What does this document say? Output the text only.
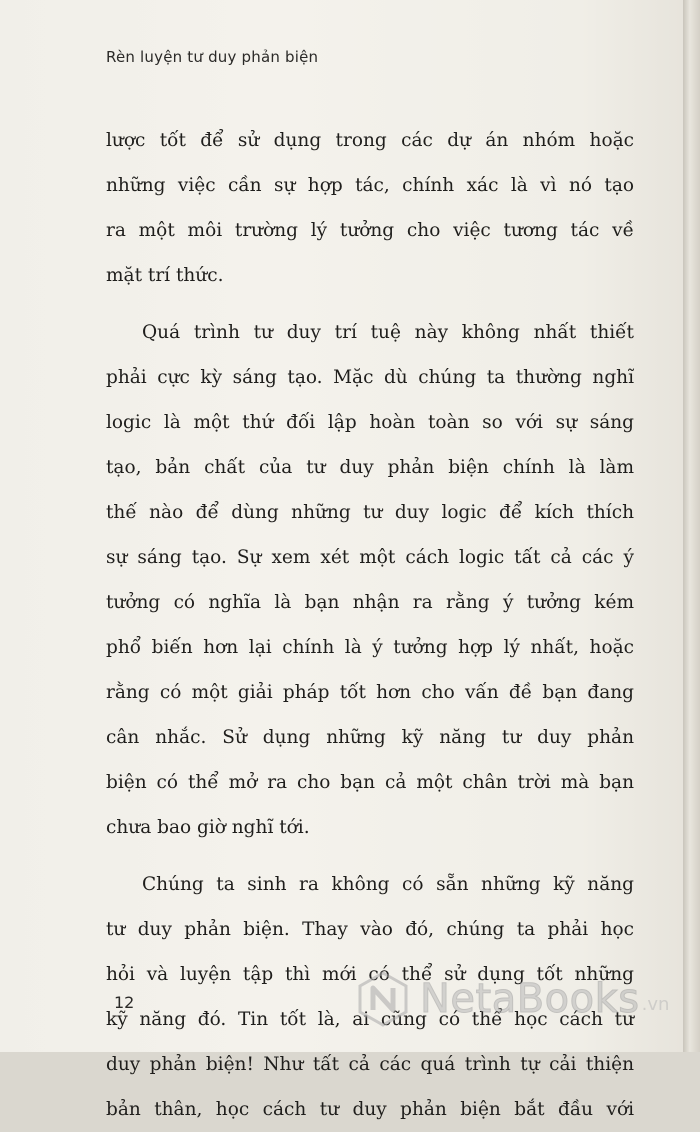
Rèn luyện tư duy phản biện
lược tốt để sử dụng trong các dự án nhóm hoặc
những việc cần sự hợp tác, chính xác là vì nó tạo
ra một môi trường lý tưởng cho việc tương tác về
mặt trí thức.
Quá trình tư duy trí tuệ này không nhất thiết
phải cực kỳ sáng tạo. Mặc dù chúng ta thường nghĩ
logic là một thứ đối lập hoàn toàn so với sự sáng
tạo, bản chất của tư duy phản biện chính là làm
thế nào để dùng những tư duy logic để kích thích
sự sáng tạo. Sự xem xét một cách logic tất cả các ý
tưởng có nghĩa là bạn nhận ra rằng ý tưởng kém
phổ biến hơn lại chính là ý tưởng hợp lý nhất, hoặc
rằng có một giải pháp tốt hơn cho vấn đề bạn đang
cân nhắc. Sử dụng những kỹ năng tư duy phản
biện có thể mở ra cho bạn cả một chân trời mà bạn
chưa bao giờ nghĩ tới.
Chúng ta sinh ra không có sẵn những kỹ năng
tư duy phản biện. Thay vào đó, chúng ta phải học
hỏi và luyện tập thì mới có thể sử dụng tốt những
kỹ năng đó. Tin tốt là, ai cũng có thể học cách tư
duy phản biện! Như tất cả các quá trình tự cải thiện
bản thân, học cách tư duy phản biện bắt đầu với
12	NetaBooks .vn
